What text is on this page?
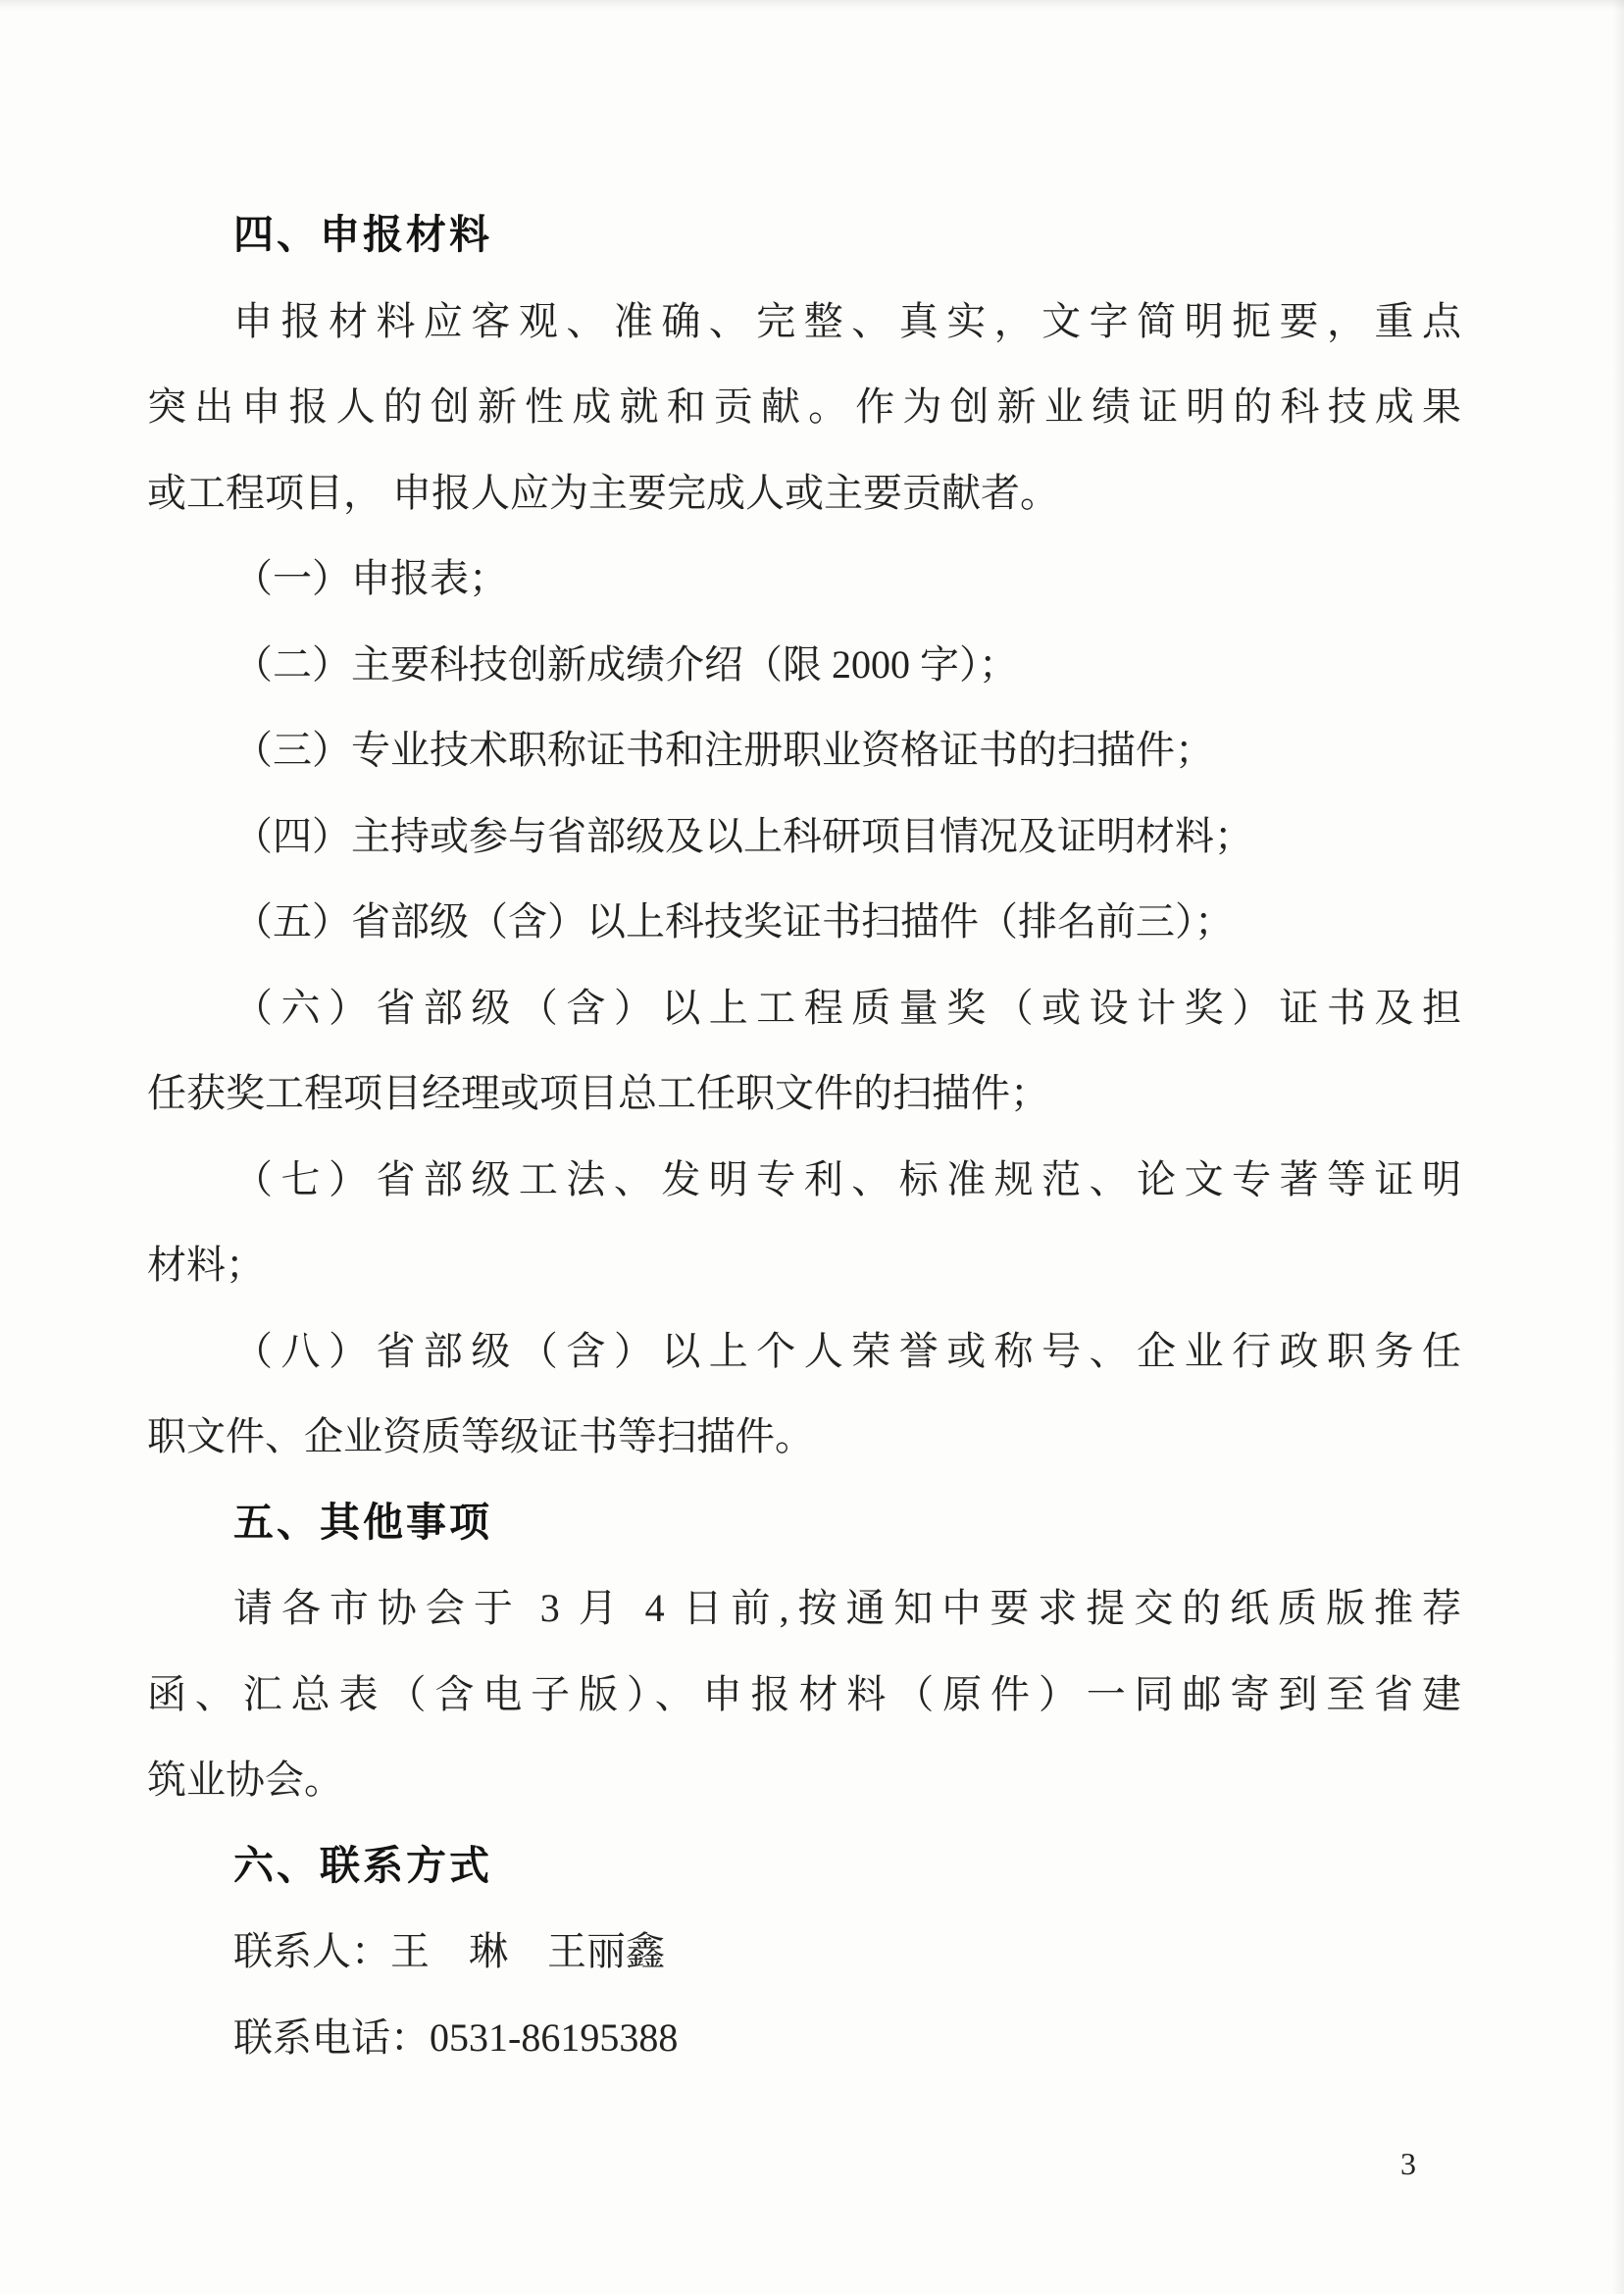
四、申报材料
申报材料应客观、准确、完整、真实，文字简明扼要，重点
突出申报人的创新性成就和贡献。作为创新业绩证明的科技成果
或工程项目， 申报人应为主要完成人或主要贡献者。
（一）申报表；
（二）主要科技创新成绩介绍（限 2000 字）；
（三）专业技术职称证书和注册职业资格证书的扫描件；
（四）主持或参与省部级及以上科研项目情况及证明材料；
（五）省部级（含）以上科技奖证书扫描件（排名前三）；
（六）省部级（含）以上工程质量奖（或设计奖）证书及担
任获奖工程项目经理或项目总工任职文件的扫描件；
（七）省部级工法、发明专利、标准规范、论文专著等证明
材料；
（八）省部级（含）以上个人荣誉或称号、企业行政职务任
职文件、企业资质等级证书等扫描件。
五、其他事项
请各市协会于 3 月 4 日前,按通知中要求提交的纸质版推荐
函、汇总表（含电子版）、申报材料（原件）一同邮寄到至省建
筑业协会。
六、联系方式
联系人：王　琳　王丽鑫
联系电话：0531-86195388
3
